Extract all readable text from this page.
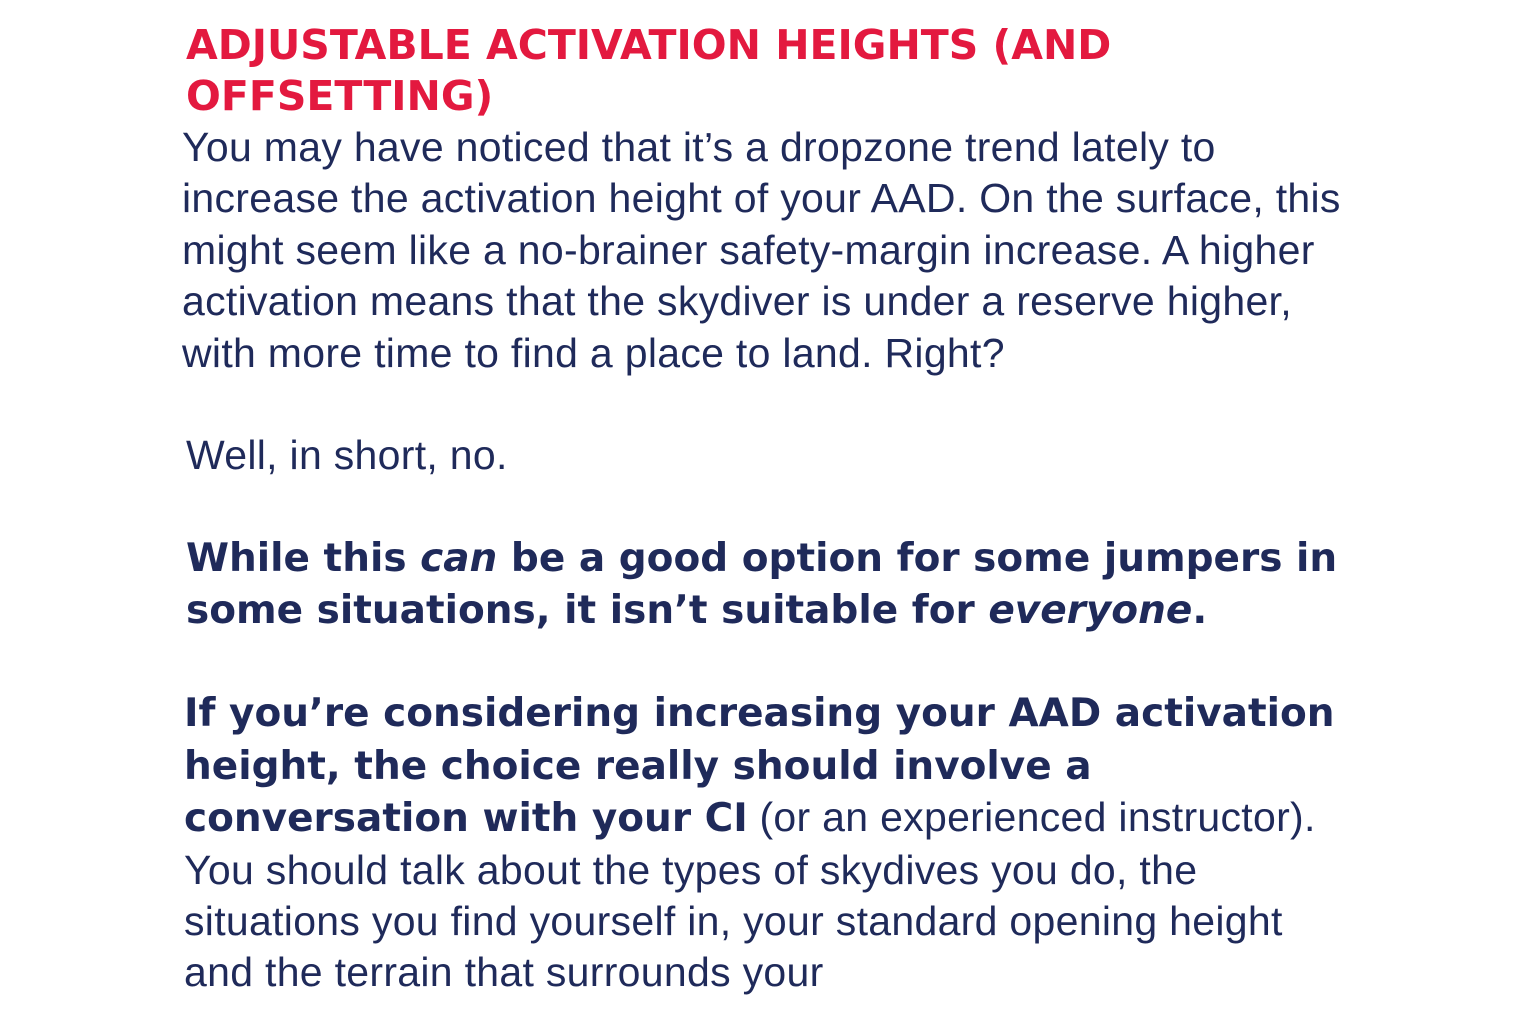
ADJUSTABLE ACTIVATION HEIGHTS (AND OFFSETTING)

You may have noticed that it’s a dropzone trend lately to increase the activation height of your AAD. On the surface, this might seem like a no-brainer safety-margin increase. A higher activation means that the skydiver is under a reserve higher, with more time to find a place to land. Right?

Well, in short, no.

While this can be a good option for some jumpers in some situations, it isn’t suitable for everyone.

If you’re considering increasing your AAD activation height, the choice really should involve a conversation with your CI (or an experienced instructor). You should talk about the types of skydives you do, the situations you find yourself in, your standard opening height and the terrain that surrounds your
